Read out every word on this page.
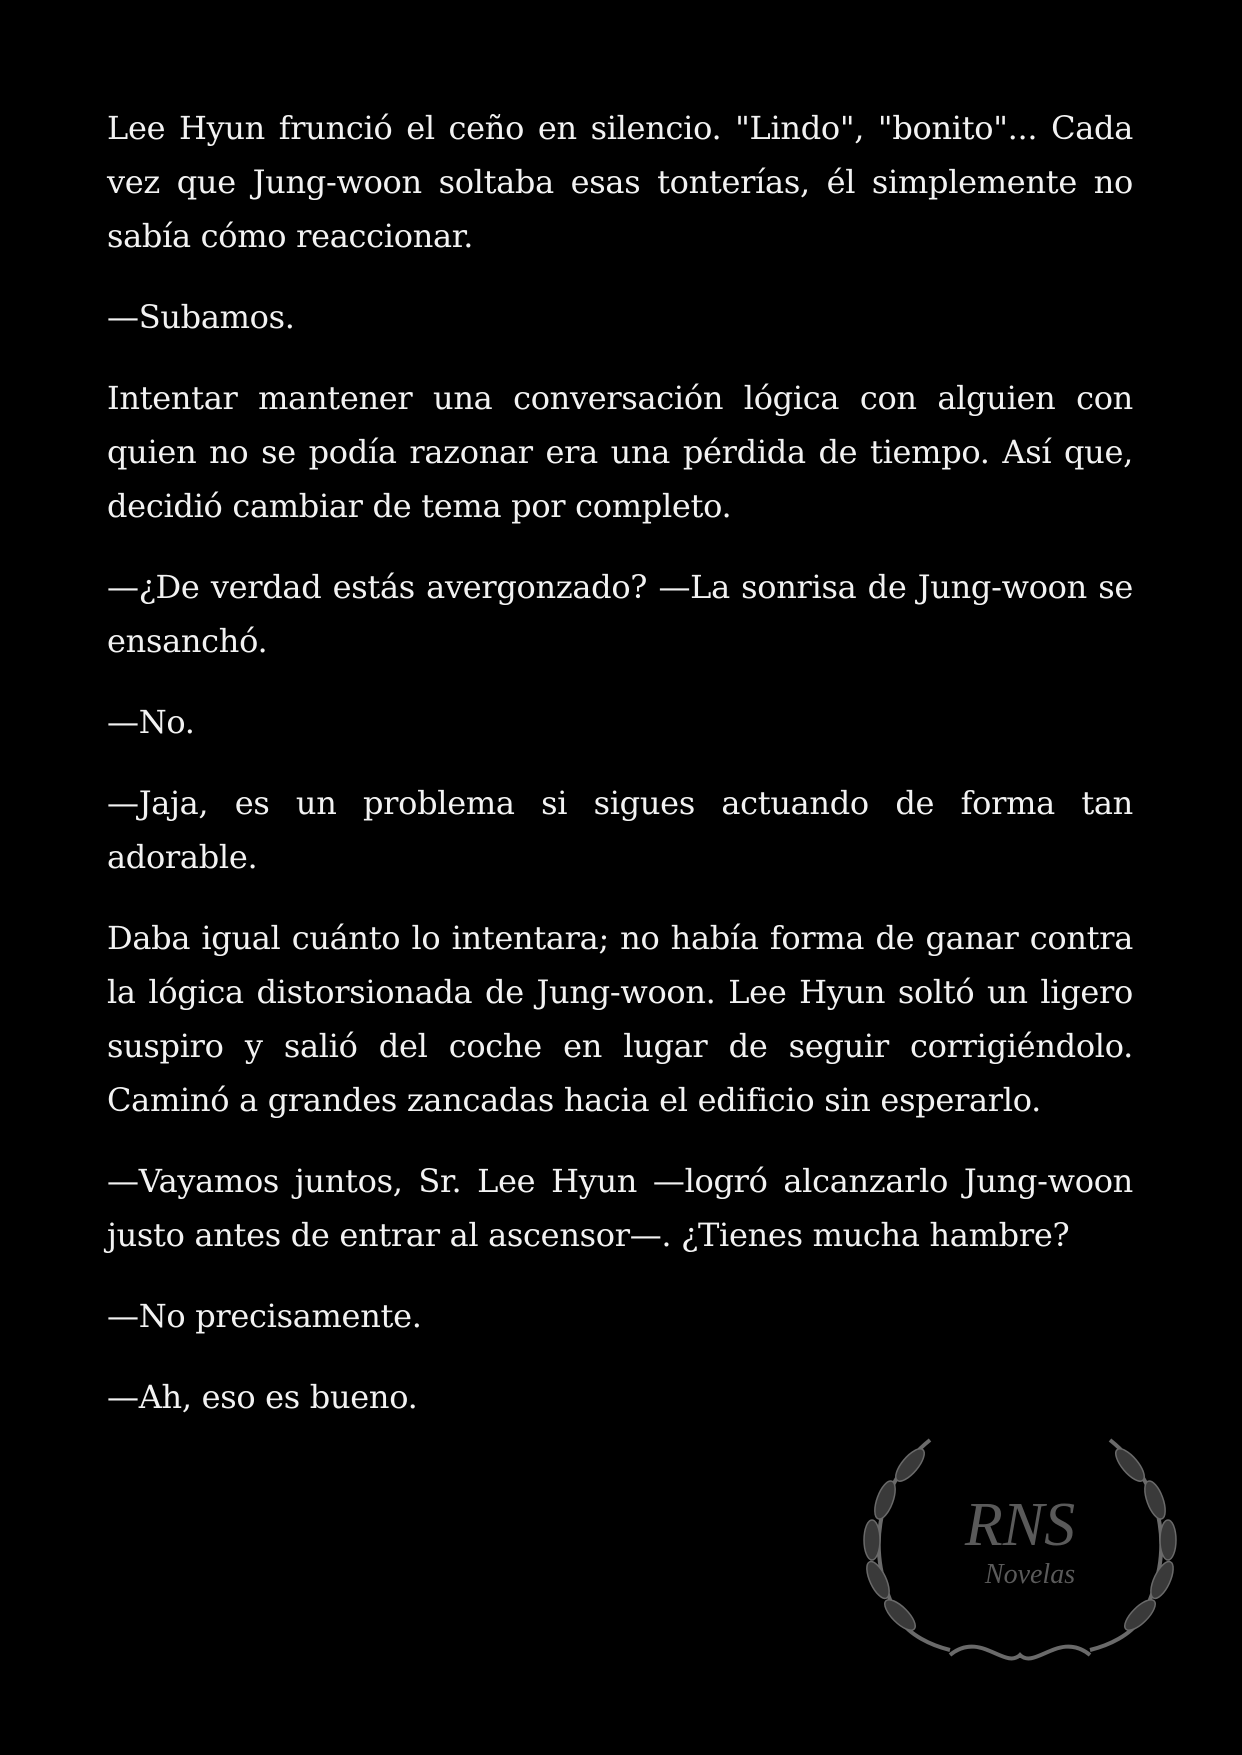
Lee Hyun frunció el ceño en silencio. "Lindo", "bonito"... Cada vez que Jung-woon soltaba esas tonterías, él simplemente no sabía cómo reaccionar.

—Subamos.

Intentar mantener una conversación lógica con alguien con quien no se podía razonar era una pérdida de tiempo. Así que, decidió cambiar de tema por completo.

—¿De verdad estás avergonzado? —La sonrisa de Jung-woon se ensanchó.

—No.

—Jaja, es un problema si sigues actuando de forma tan adorable.

Daba igual cuánto lo intentara; no había forma de ganar contra la lógica distorsionada de Jung-woon. Lee Hyun soltó un ligero suspiro y salió del coche en lugar de seguir corrigiéndolo. Caminó a grandes zancadas hacia el edificio sin esperarlo.

—Vayamos juntos, Sr. Lee Hyun —logró alcanzarlo Jung-woon justo antes de entrar al ascensor—. ¿Tienes mucha hambre?

—No precisamente.

—Ah, eso es bueno.

RNS
Novelas
